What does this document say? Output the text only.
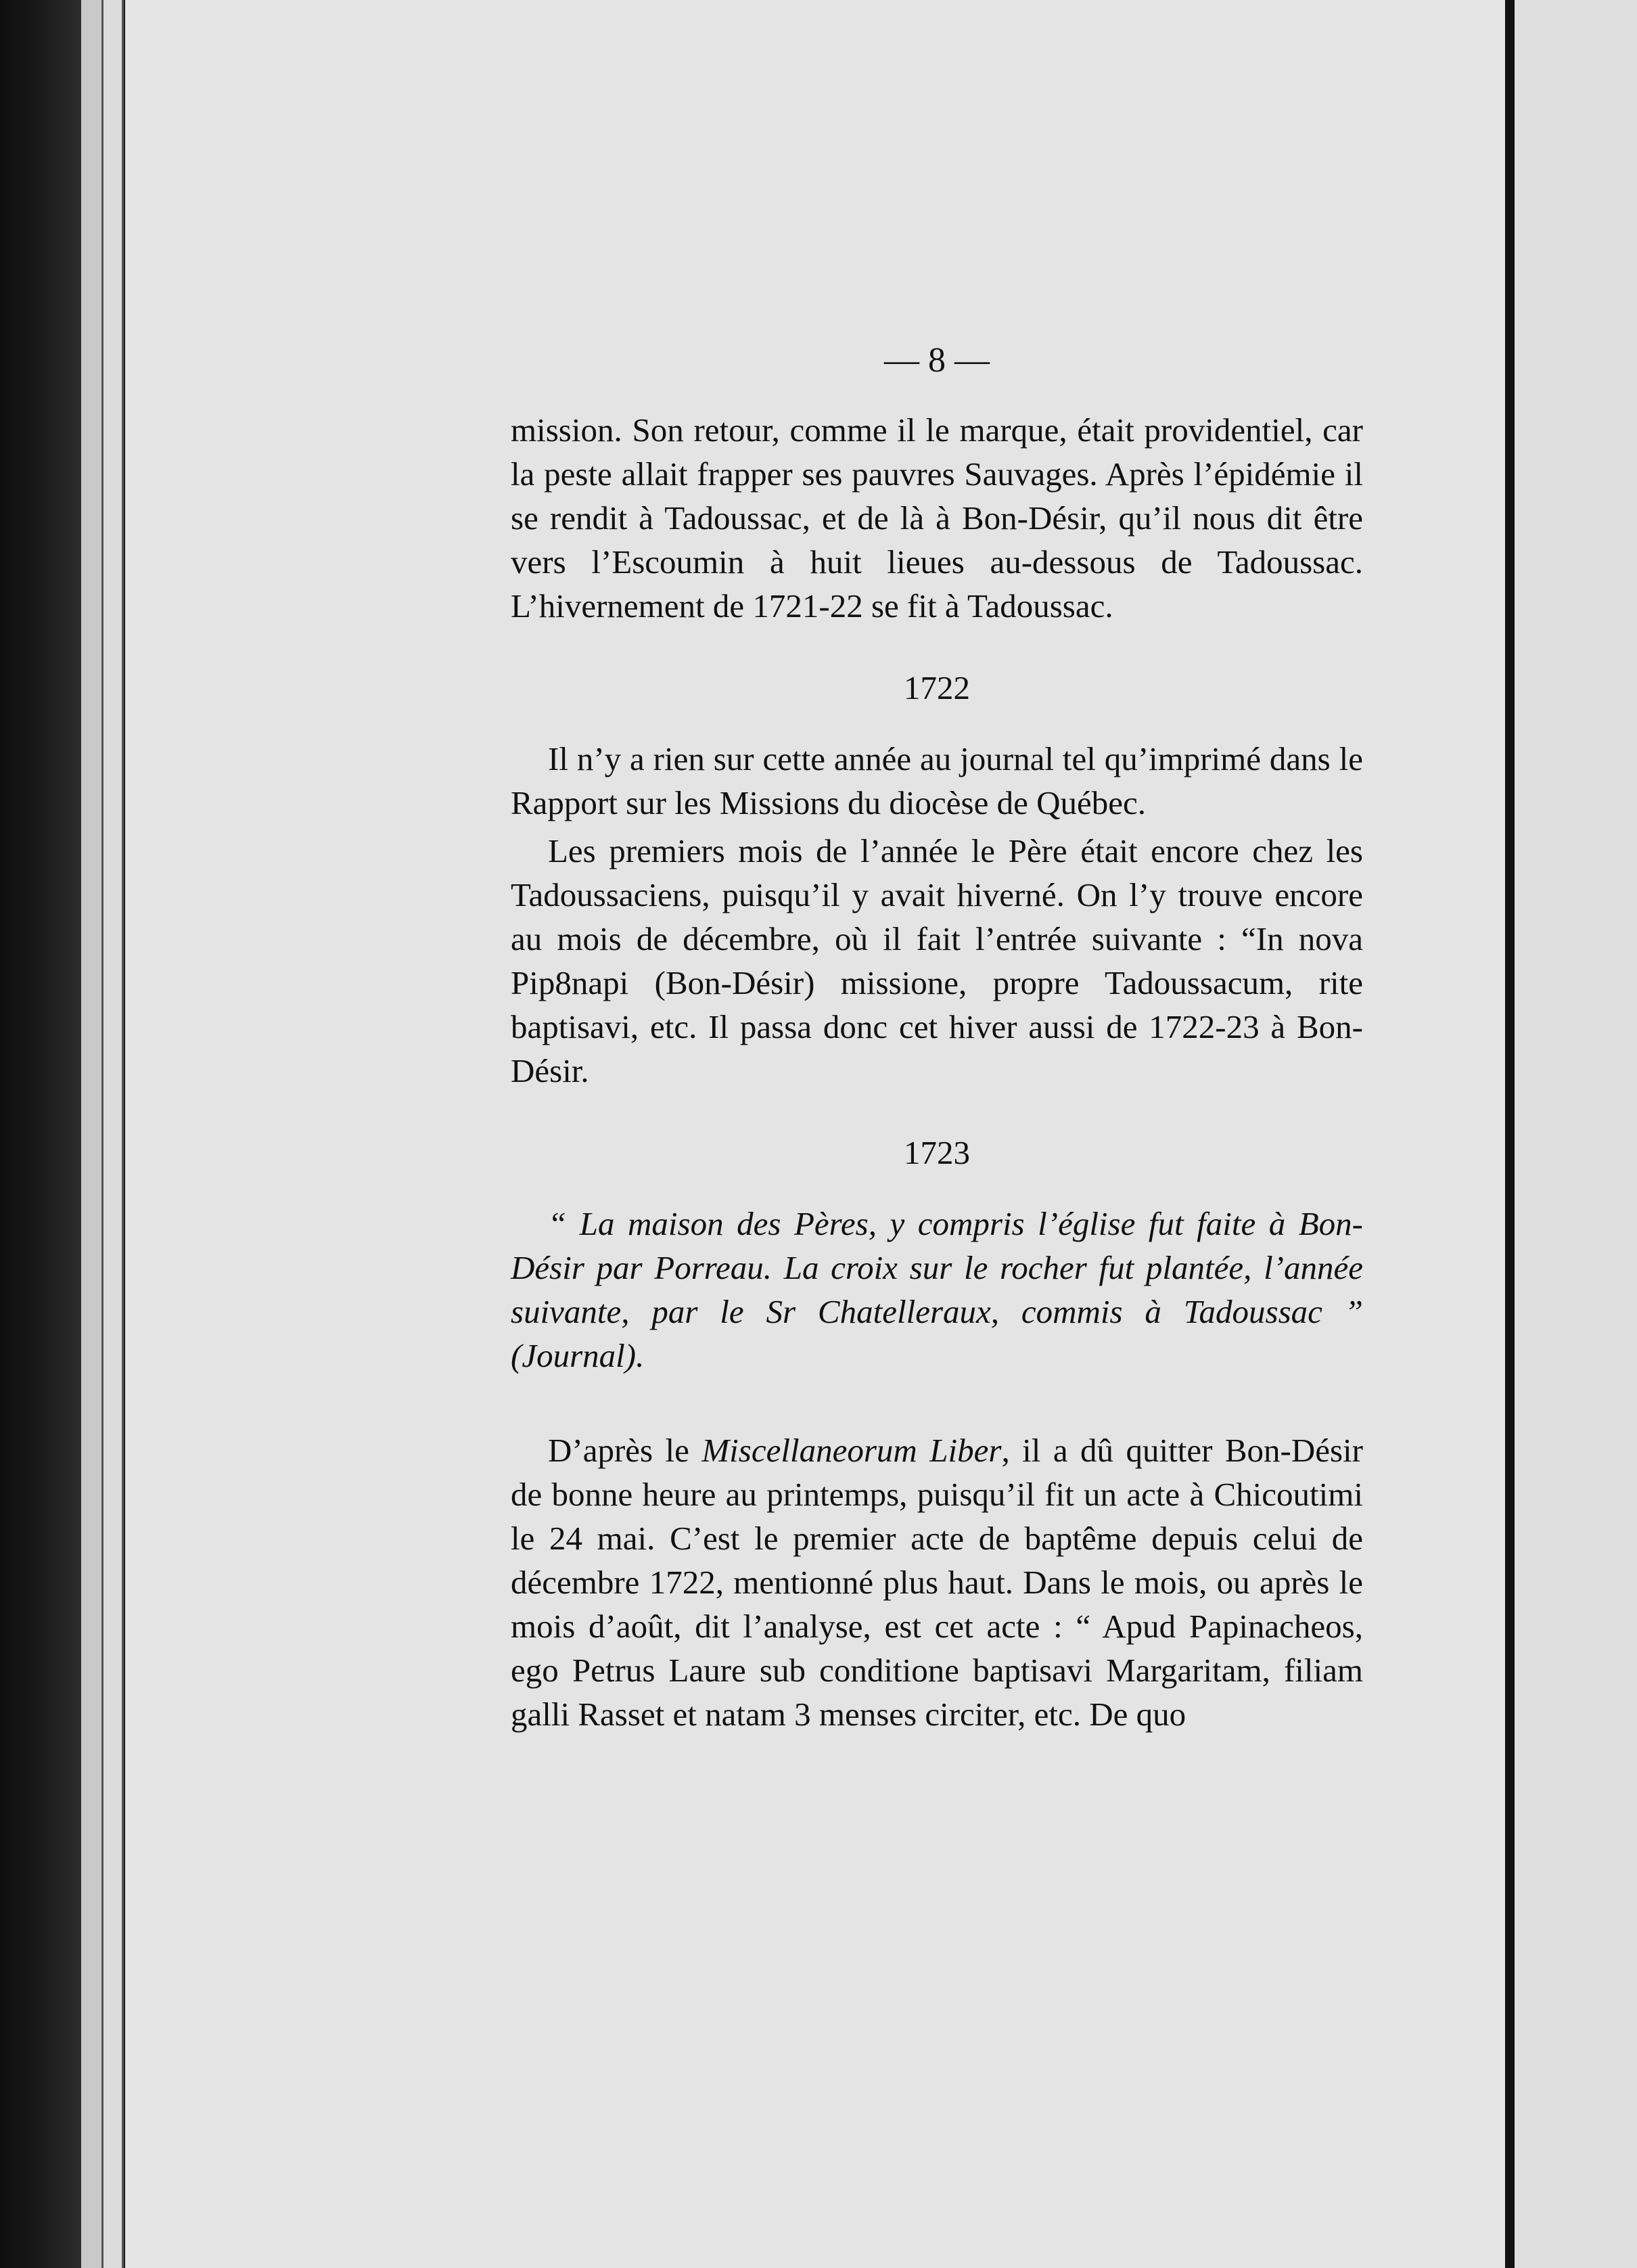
— 8 —

mission. Son retour, comme il le marque, était providentiel, car la peste allait frapper ses pauvres Sauvages. Après l’épidémie il se rendit à Tadoussac, et de là à Bon-Désir, qu’il nous dit être vers l’Escoumin à huit lieues au-dessous de Tadoussac. L’hivernement de 1721-22 se fit à Tadoussac.

1722

Il n’y a rien sur cette année au journal tel qu’imprimé dans le Rapport sur les Missions du diocèse de Québec.

Les premiers mois de l’année le Père était encore chez les Tadoussaciens, puisqu’il y avait hiverné. On l’y trouve encore au mois de décembre, où il fait l’entrée suivante : “In nova Pip8napi (Bon-Désir) missione, propre Tadoussacum, rite baptisavi, etc. Il passa donc cet hiver aussi de 1722-23 à Bon-Désir.

1723

“ La maison des Pères, y compris l’église fut faite à Bon-Désir par Porreau. La croix sur le rocher fut plantée, l’année suivante, par le Sr Chatelleraux, commis à Tadoussac ” (Journal).

D’après le Miscellaneorum Liber, il a dû quitter Bon-Désir de bonne heure au printemps, puisqu’il fit un acte à Chicoutimi le 24 mai. C’est le premier acte de baptême depuis celui de décembre 1722, mentionné plus haut. Dans le mois, ou après le mois d’août, dit l’analyse, est cet acte : “ Apud Papinacheos, ego Petrus Laure sub conditione baptisavi Margaritam, filiam galli Rasset et natam 3 menses circiter, etc. De quo
